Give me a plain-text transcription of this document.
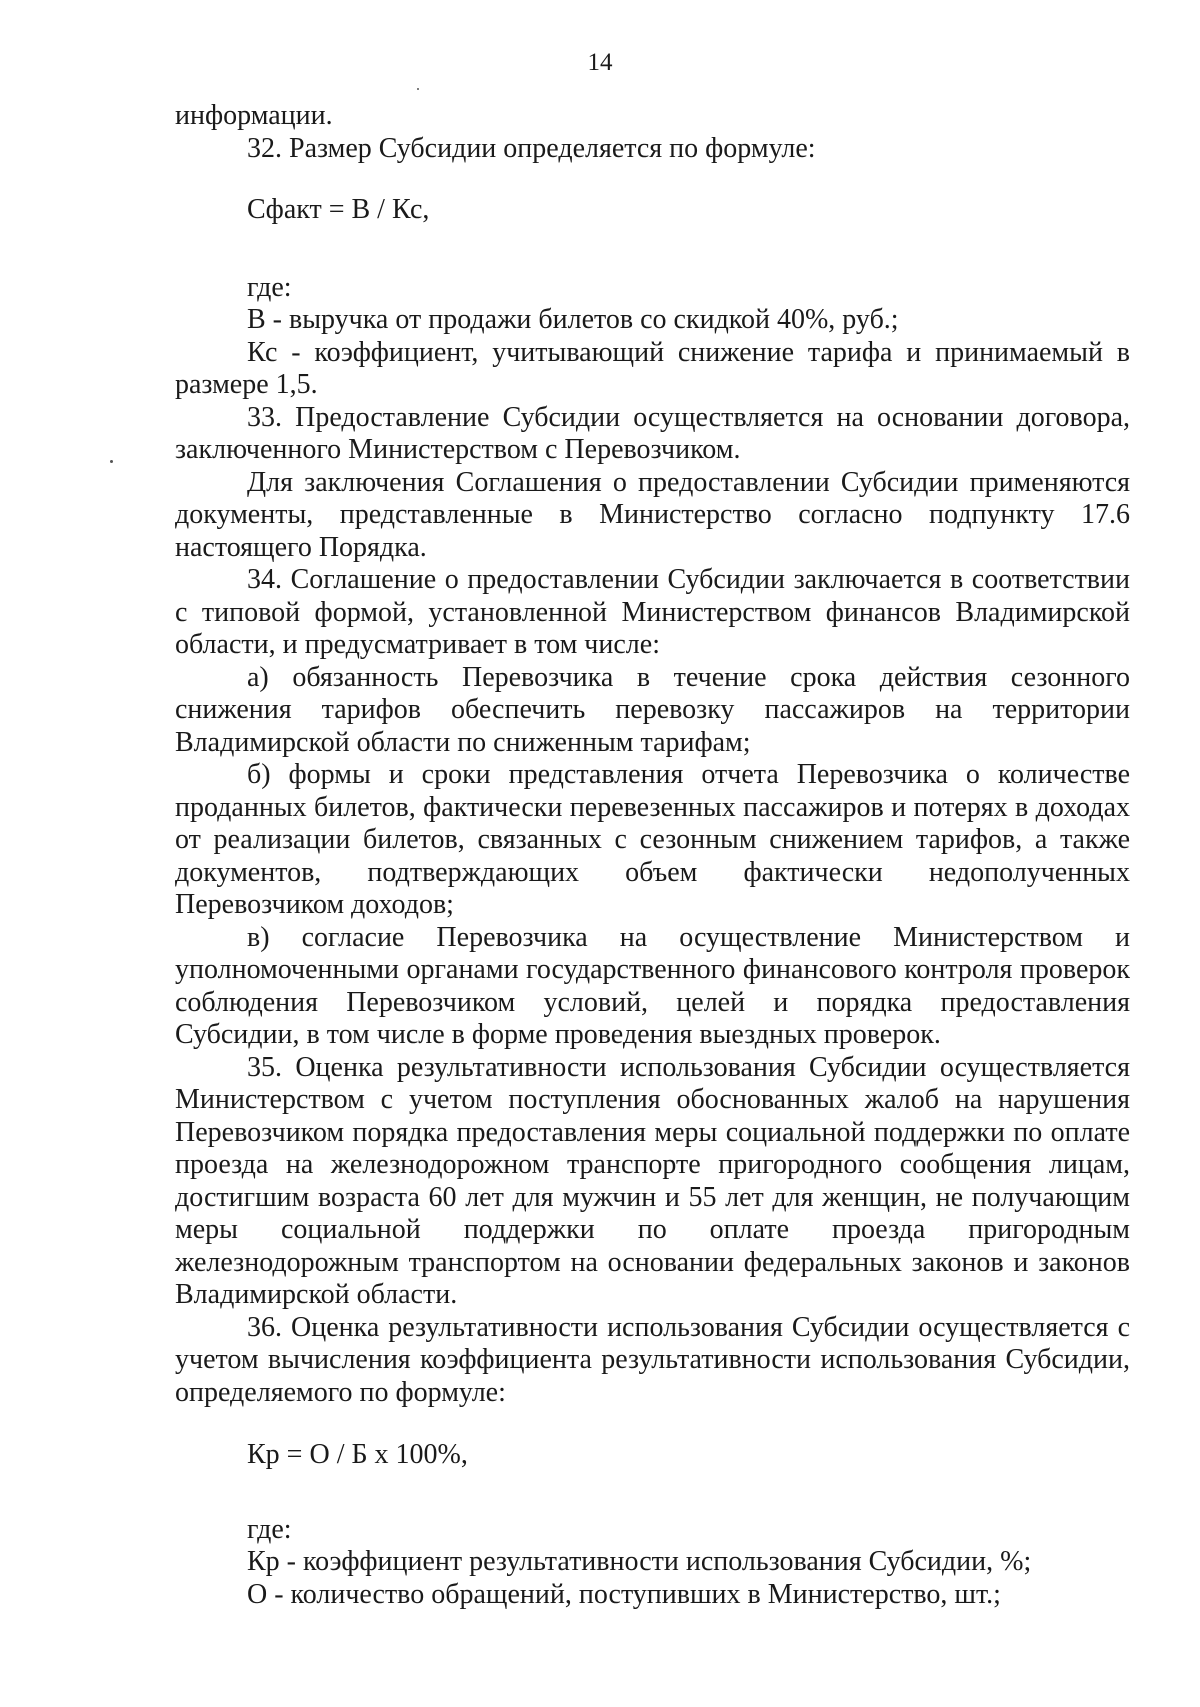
14

информации.

32. Размер Субсидии определяется по формуле:

Сфакт = В / Кс,

где:

В - выручка от продажи билетов со скидкой 40%, руб.;

Кс - коэффициент, учитывающий снижение тарифа и принимаемый в размере 1,5.

33. Предоставление Субсидии осуществляется на основании договора, заключенного Министерством с Перевозчиком.

Для заключения Соглашения о предоставлении Субсидии применяются документы, представленные в Министерство согласно подпункту 17.6 настоящего Порядка.

34. Соглашение о предоставлении Субсидии заключается в соответствии с типовой формой, установленной Министерством финансов Владимирской области, и предусматривает в том числе:

а) обязанность Перевозчика в течение срока действия сезонного снижения тарифов обеспечить перевозку пассажиров на территории Владимирской области по сниженным тарифам;

б) формы и сроки представления отчета Перевозчика о количестве проданных билетов, фактически перевезенных пассажиров и потерях в доходах от реализации билетов, связанных с сезонным снижением тарифов, а также документов, подтверждающих объем фактически недополученных Перевозчиком доходов;

в) согласие Перевозчика на осуществление Министерством и уполномоченными органами государственного финансового контроля проверок соблюдения Перевозчиком условий, целей и порядка предоставления Субсидии, в том числе в форме проведения выездных проверок.

35. Оценка результативности использования Субсидии осуществляется Министерством с учетом поступления обоснованных жалоб на нарушения Перевозчиком порядка предоставления меры социальной поддержки по оплате проезда на железнодорожном транспорте пригородного сообщения лицам, достигшим возраста 60 лет для мужчин и 55 лет для женщин, не получающим меры социальной поддержки по оплате проезда пригородным железнодорожным транспортом на основании федеральных законов и законов Владимирской области.

36. Оценка результативности использования Субсидии осуществляется с учетом вычисления коэффициента результативности использования Субсидии, определяемого по формуле:

Кр = О / Б х 100%,

где:

Кр - коэффициент результативности использования Субсидии, %;

О - количество обращений, поступивших в Министерство, шт.;
